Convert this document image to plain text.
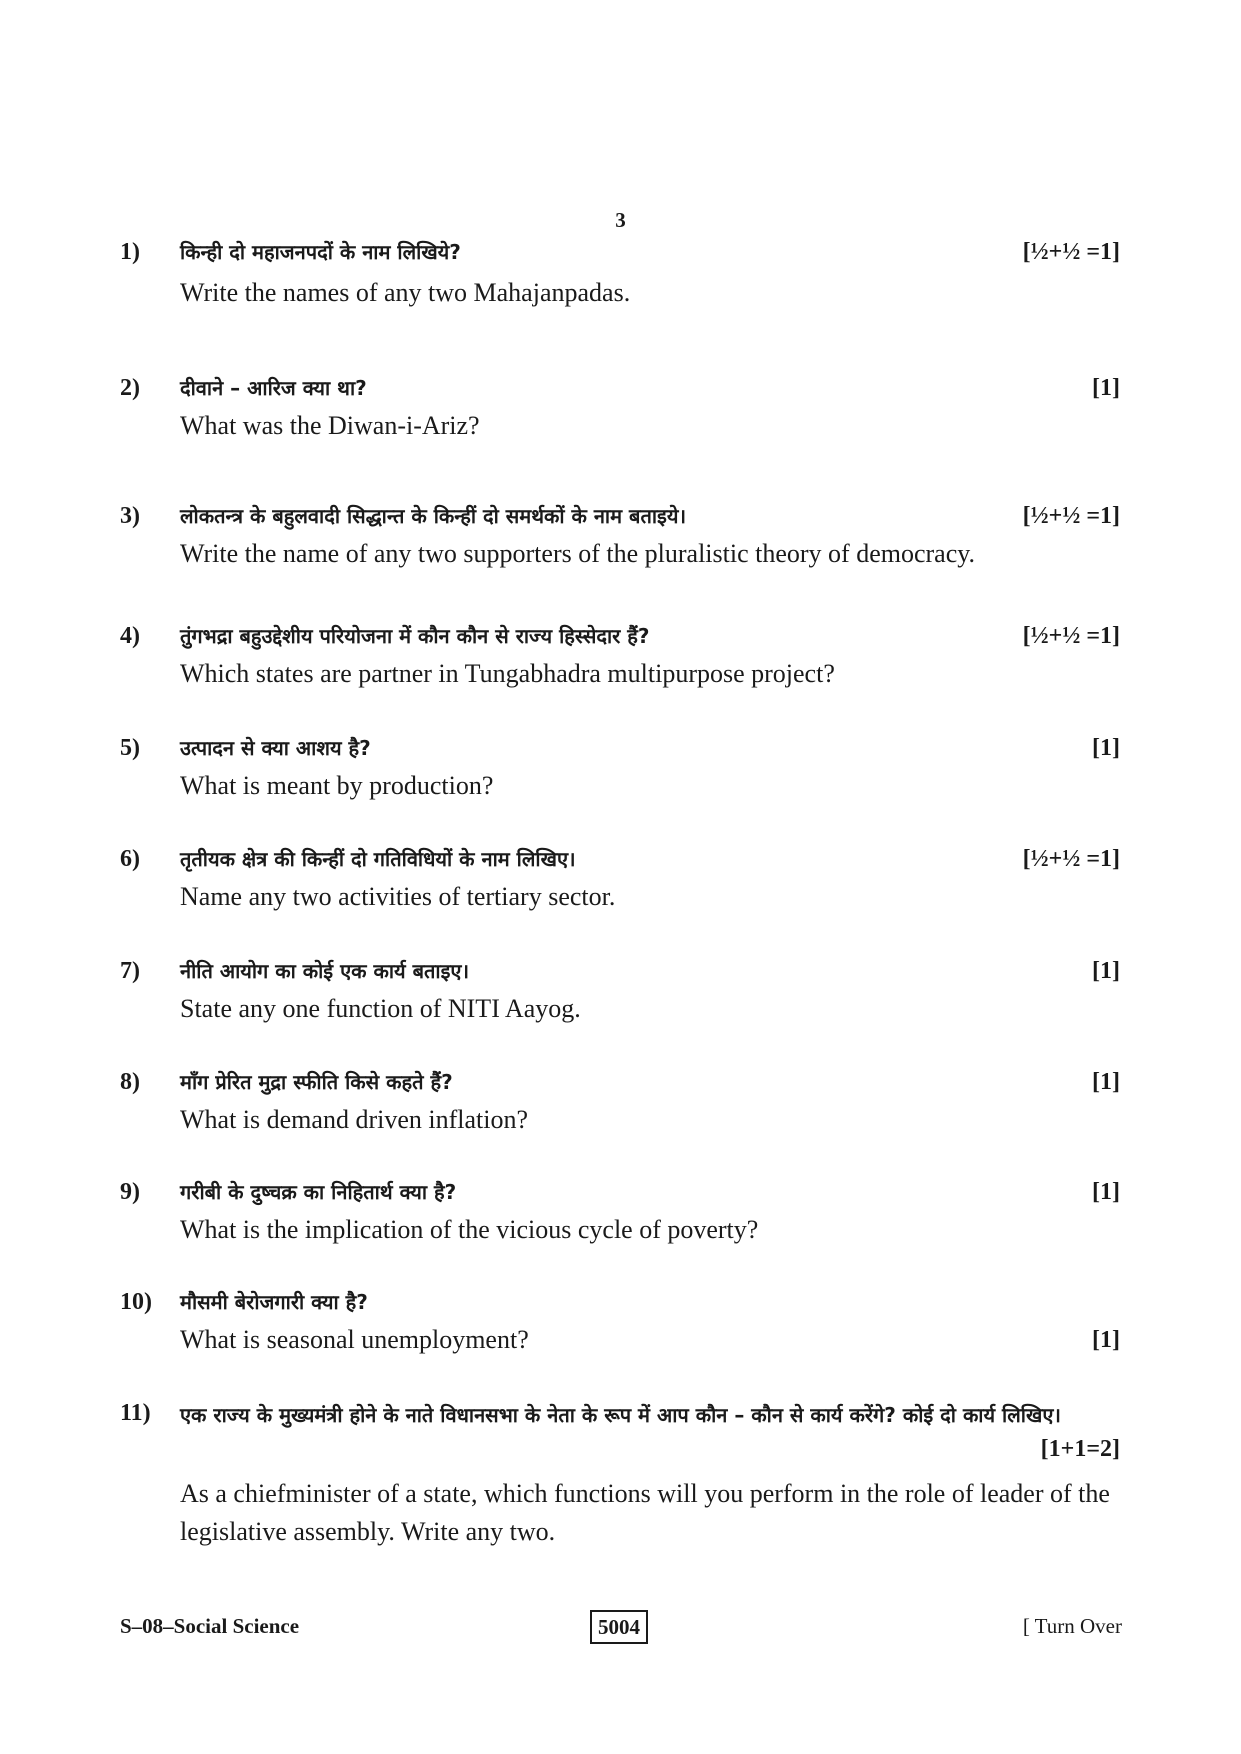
3
1) किन्ही दो महाजनपदों के नाम लिखिये?	[½+½ =1]
Write the names of any two Mahajanpadas.
2) दीवाने – आरिज क्या था?	[1]
What was the Diwan-i-Ariz?
3) लोकतन्त्र के बहुलवादी सिद्धान्त के किन्हीं दो समर्थकों के नाम बताइये।	[½+½ =1]
Write the name of any two supporters of the pluralistic theory of democracy.
4) तुंगभद्रा बहुउद्देशीय परियोजना में कौन कौन से राज्य हिस्सेदार हैं?	[½+½ =1]
Which states are partner in Tungabhadra multipurpose project?
5) उत्पादन से क्या आशय है?	[1]
What is meant by production?
6) तृतीयक क्षेत्र की किन्हीं दो गतिविधियों के नाम लिखिए।	[½+½ =1]
Name any two activities of tertiary sector.
7) नीति आयोग का कोई एक कार्य बताइए।	[1]
State any one function of NITI Aayog.
8) माँग प्रेरित मुद्रा स्फीति किसे कहते हैं?	[1]
What is demand driven inflation?
9) गरीबी के दुष्चक्र का निहितार्थ क्या है?	[1]
What is the implication of the vicious cycle of poverty?
10) मौसमी बेरोजगारी क्या है?
What is seasonal unemployment?	[1]
11) एक राज्य के मुख्यमंत्री होने के नाते विधानसभा के नेता के रूप में आप कौन – कौन से कार्य करेंगे? कोई दो कार्य लिखिए।
[1+1=2]
As a chiefminister of a state, which functions will you perform in the role of leader of the legislative assembly. Write any two.
S–08–Social Science	5004	[ Turn Over
